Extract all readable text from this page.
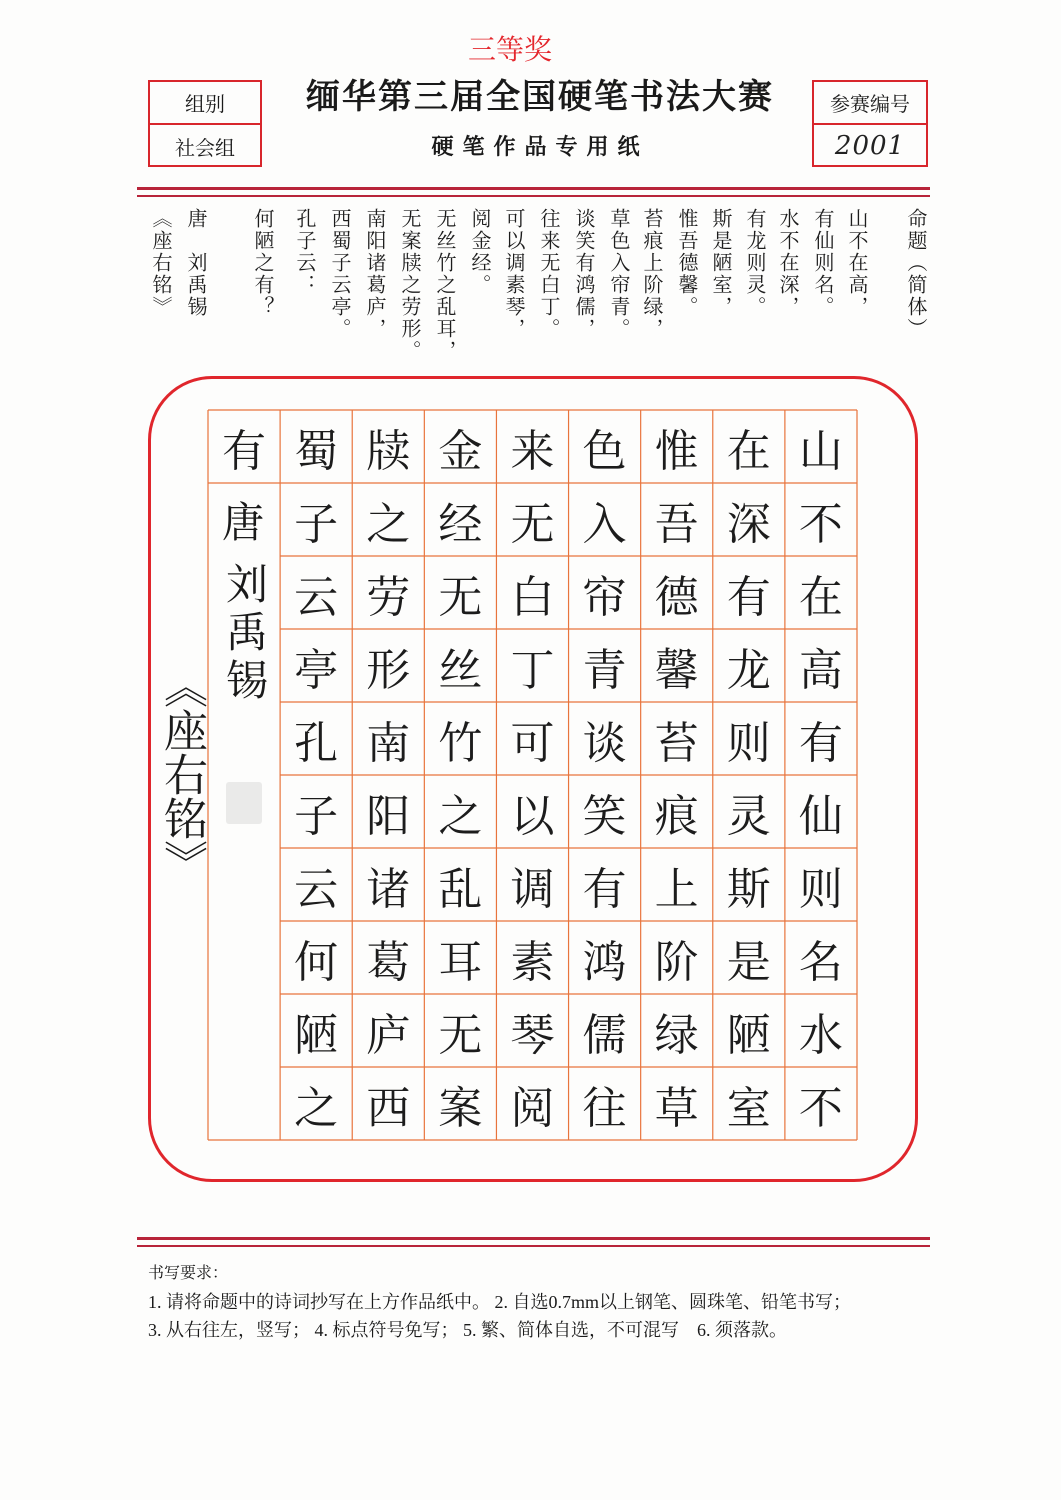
三等奖
组别
社会组
缅华第三届全国硬笔书法大赛
硬笔作品专用纸
参赛编号
2001
命题（简体）
山不在高，
有仙则名。
水不在深，
有龙则灵。
斯是陋室，
惟吾德馨。
苔痕上阶绿，
草色入帘青。
谈笑有鸿儒，
往来无白丁。
可以调素琴，
阅金经。
无丝竹之乱耳，
无案牍之劳形。
南阳诸葛庐，
西蜀子云亭。
孔子云：
何陋之有？
唐　刘禹锡
《座右铭》
山
不
在
高
有
仙
则
名
水
不
在
深
有
龙
则
灵
斯
是
陋
室
惟
吾
德
馨
苔
痕
上
阶
绿
草
色
入
帘
青
谈
笑
有
鸿
儒
往
来
无
白
丁
可
以
调
素
琴
阅
金
经
无
丝
竹
之
乱
耳
无
案
牍
之
劳
形
南
阳
诸
葛
庐
西
蜀
子
云
亭
孔
子
云
何
陋
之
有
唐
刘禹锡
《座右铭》
书写要求：
1. 请将命题中的诗词抄写在上方作品纸中。 2. 自选0.7mm以上钢笔、圆珠笔、铅笔书写；
3. 从右往左，竖写； 4. 标点符号免写； 5. 繁、简体自选，不可混写　6. 须落款。
